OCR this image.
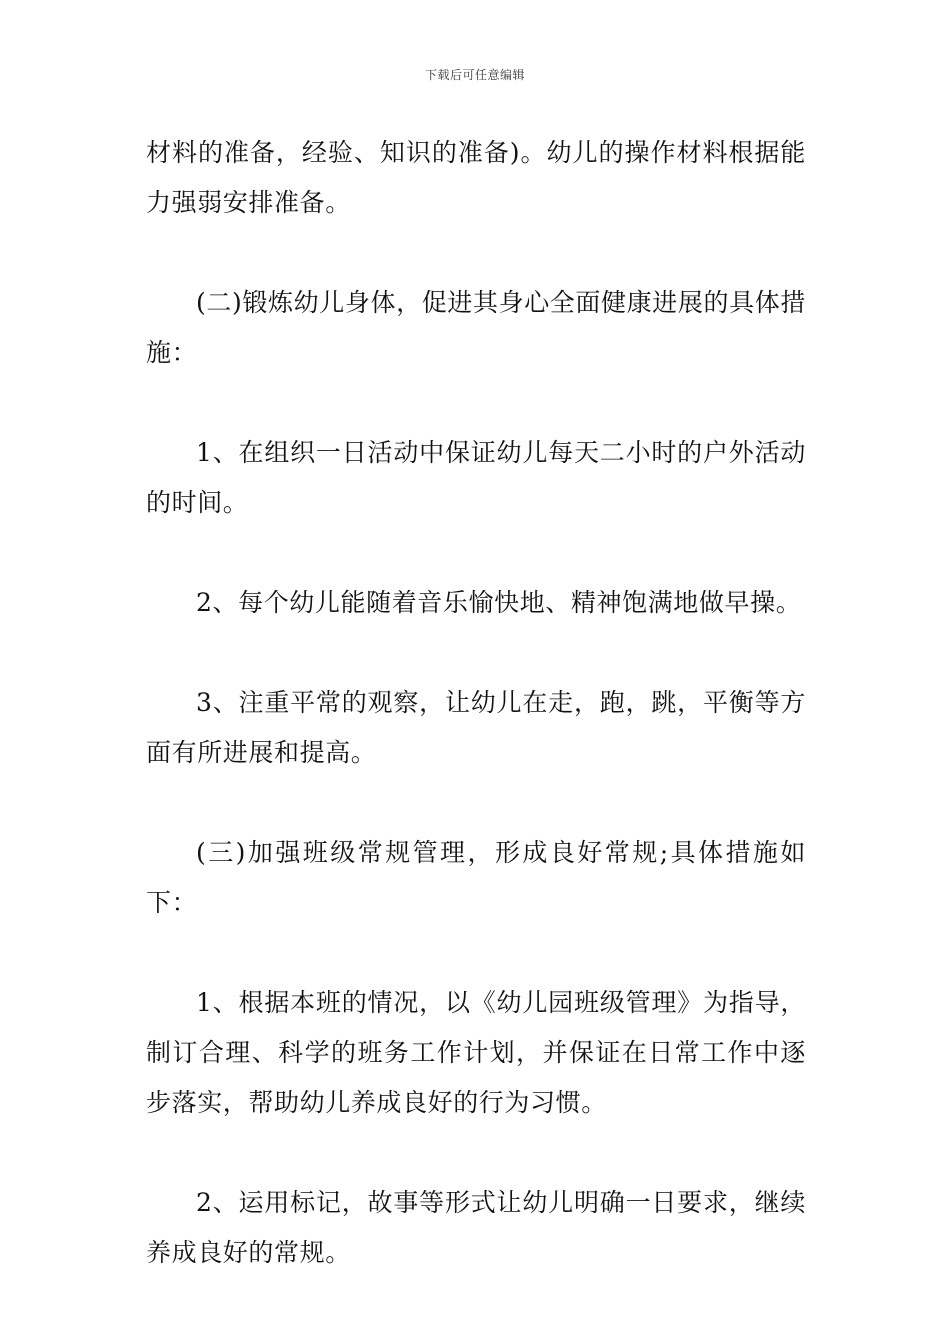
下载后可任意编辑

材料的准备，经验、知识的准备)。幼儿的操作材料根据能力强弱安排准备。

(二)锻炼幼儿身体，促进其身心全面健康进展的具体措施：

1、在组织一日活动中保证幼儿每天二小时的户外活动的时间。

2、每个幼儿能随着音乐愉快地、精神饱满地做早操。

3、注重平常的观察，让幼儿在走，跑，跳，平衡等方面有所进展和提高。

(三)加强班级常规管理，形成良好常规;具体措施如下：

1、根据本班的情况，以《幼儿园班级管理》为指导，制订合理、科学的班务工作计划，并保证在日常工作中逐步落实，帮助幼儿养成良好的行为习惯。

2、运用标记，故事等形式让幼儿明确一日要求，继续养成良好的常规。
